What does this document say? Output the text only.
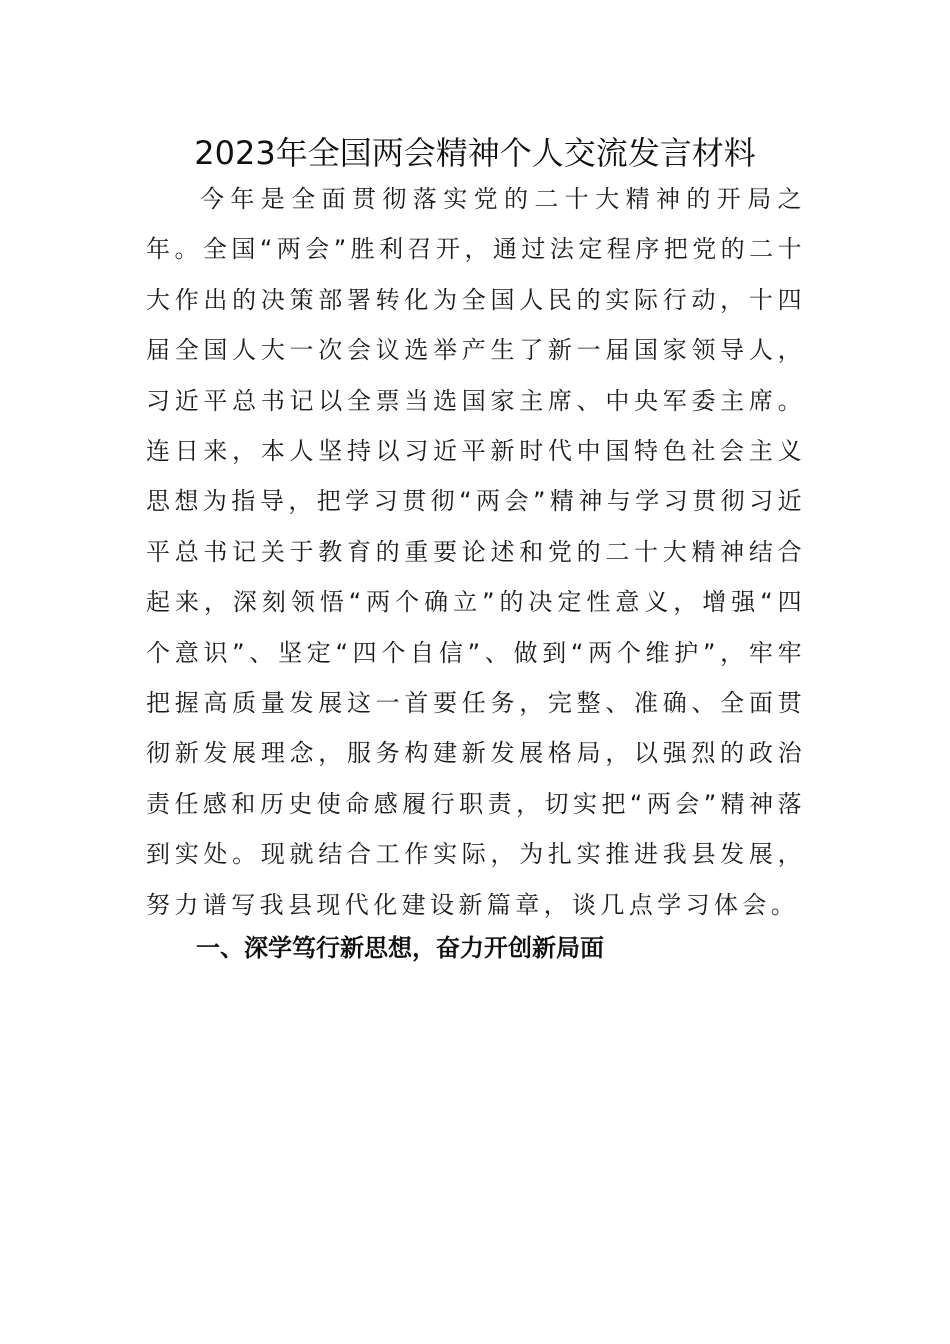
2023年全国两会精神个人交流发言材料

今年是全面贯彻落实党的二十大精神的开局之年。全国“两会”胜利召开，通过法定程序把党的二十大作出的决策部署转化为全国人民的实际行动，十四届全国人大一次会议选举产生了新一届国家领导人，习近平总书记以全票当选国家主席、中央军委主席。连日来，本人坚持以习近平新时代中国特色社会主义思想为指导，把学习贯彻“两会”精神与学习贯彻习近平总书记关于教育的重要论述和党的二十大精神结合起来，深刻领悟“两个确立”的决定性意义，增强“四个意识”、坚定“四个自信”、做到“两个维护”，牢牢把握高质量发展这一首要任务，完整、准确、全面贯彻新发展理念，服务构建新发展格局，以强烈的政治责任感和历史使命感履行职责，切实把“两会”精神落到实处。现就结合工作实际，为扎实推进我县发展，努力谱写我县现代化建设新篇章，谈几点学习体会。

一、深学笃行新思想，奋力开创新局面
